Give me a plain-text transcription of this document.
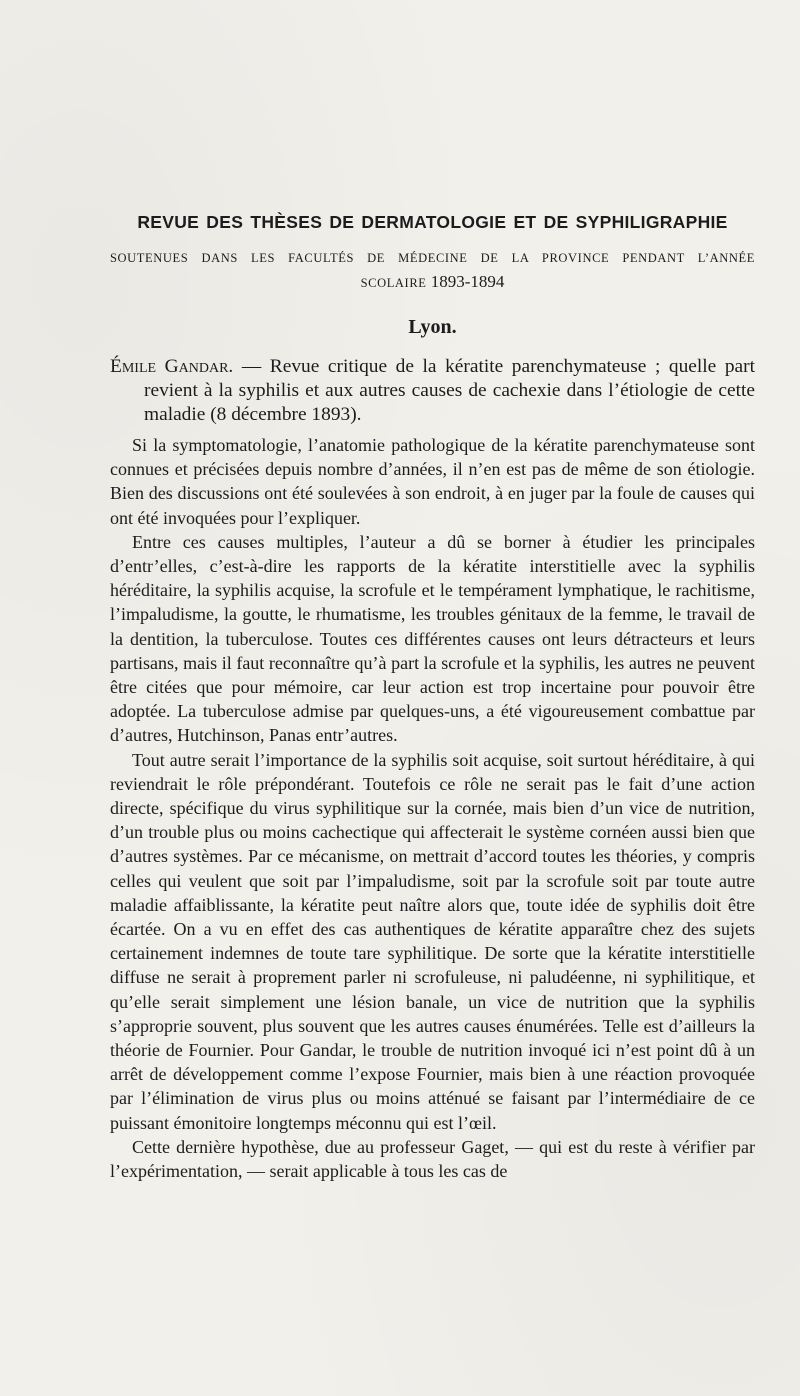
REVUE DES THÈSES DE DERMATOLOGIE ET DE SYPHILIGRAPHIE

SOUTENUES DANS LES FACULTÉS DE MÉDECINE DE LA PROVINCE PENDANT L’ANNÉE

SCOLAIRE 1893-1894

Lyon.

Émile Gandar. — Revue critique de la kératite parenchymateuse ; quelle part revient à la syphilis et aux autres causes de cachexie dans l’étiologie de cette maladie (8 décembre 1893).

Si la symptomatologie, l’anatomie pathologique de la kératite parenchymateuse sont connues et précisées depuis nombre d’années, il n’en est pas de même de son étiologie. Bien des discussions ont été soulevées à son endroit, à en juger par la foule de causes qui ont été invoquées pour l’expliquer.

Entre ces causes multiples, l’auteur a dû se borner à étudier les principales d’entr’elles, c’est-à-dire les rapports de la kératite interstitielle avec la syphilis héréditaire, la syphilis acquise, la scrofule et le tempérament lymphatique, le rachitisme, l’impaludisme, la goutte, le rhumatisme, les troubles génitaux de la femme, le travail de la dentition, la tuberculose. Toutes ces différentes causes ont leurs détracteurs et leurs partisans, mais il faut reconnaître qu’à part la scrofule et la syphilis, les autres ne peuvent être citées que pour mémoire, car leur action est trop incertaine pour pouvoir être adoptée. La tuberculose admise par quelques-uns, a été vigoureusement combattue par d’autres, Hutchinson, Panas entr’autres.

Tout autre serait l’importance de la syphilis soit acquise, soit surtout héréditaire, à qui reviendrait le rôle prépondérant. Toutefois ce rôle ne serait pas le fait d’une action directe, spécifique du virus syphilitique sur la cornée, mais bien d’un vice de nutrition, d’un trouble plus ou moins cachectique qui affecterait le système cornéen aussi bien que d’autres systèmes. Par ce mécanisme, on mettrait d’accord toutes les théories, y compris celles qui veulent que soit par l’impaludisme, soit par la scrofule soit par toute autre maladie affaiblissante, la kératite peut naître alors que, toute idée de syphilis doit être écartée. On a vu en effet des cas authentiques de kératite apparaître chez des sujets certainement indemnes de toute tare syphilitique. De sorte que la kératite interstitielle diffuse ne serait à proprement parler ni scrofuleuse, ni paludéenne, ni syphilitique, et qu’elle serait simplement une lésion banale, un vice de nutrition que la syphilis s’approprie souvent, plus souvent que les autres causes énumérées. Telle est d’ailleurs la théorie de Fournier. Pour Gandar, le trouble de nutrition invoqué ici n’est point dû à un arrêt de développement comme l’expose Fournier, mais bien à une réaction provoquée par l’élimination de virus plus ou moins atténué se faisant par l’intermédiaire de ce puissant émonitoire longtemps méconnu qui est l’œil.

Cette dernière hypothèse, due au professeur Gaget, — qui est du reste à vérifier par l’expérimentation, — serait applicable à tous les cas de
